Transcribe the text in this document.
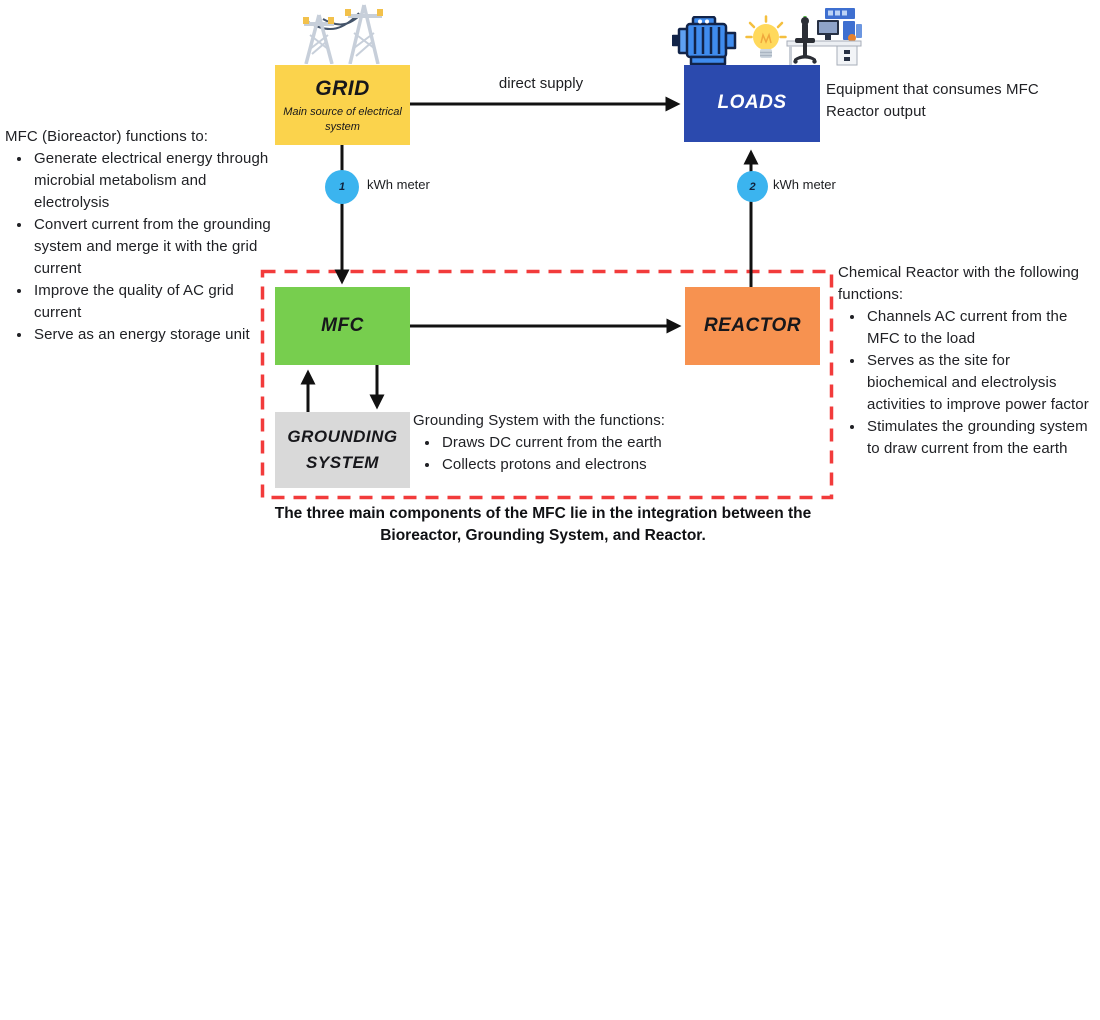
GRID
Main source of electrical system
LOADS
MFC	REACTOR
GROUNDING SYSTEM
direct supply
1 kWh meter	2 kWh meter
Equipment that consumes MFC Reactor output
MFC (Bioreactor) functions to:
• Generate electrical energy through microbial metabolism and electrolysis
• Convert current from the grounding system and merge it with the grid current
• Improve the quality of AC grid current
• Serve as an energy storage unit
Grounding System with the functions:
• Draws DC current from the earth
• Collects protons and electrons
Chemical Reactor with the following functions:
• Channels AC current from the MFC to the load
• Serves as the site for biochemical and electrolysis activities to improve power factor
• Stimulates the grounding system to draw current from the earth
The three main components of the MFC lie in the integration between the
Bioreactor, Grounding System, and Reactor.
